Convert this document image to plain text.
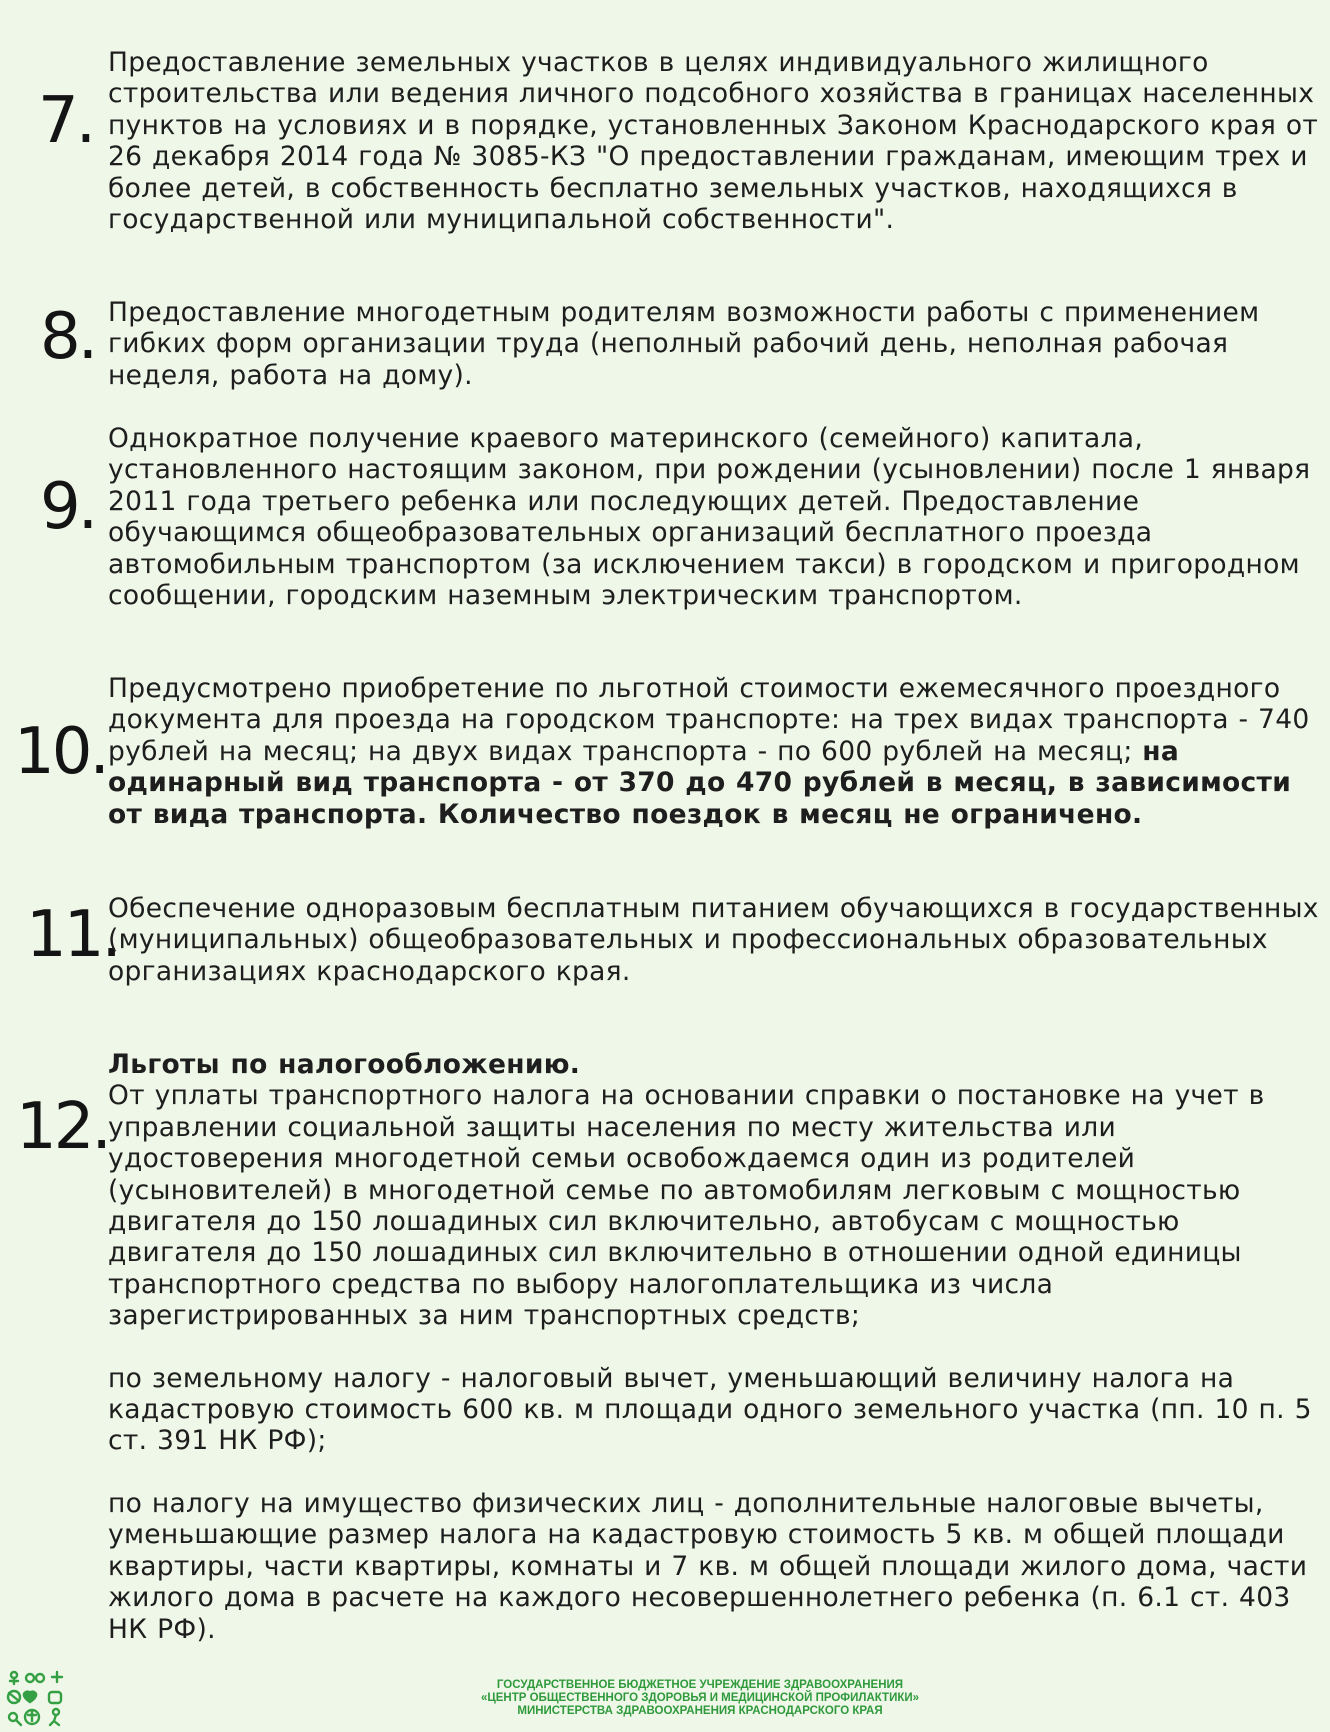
7.

Предоставление земельных участков в целях индивидуального жилищного строительства или ведения личного подсобного хозяйства в границах населенных пунктов на условиях и в порядке, установленных Законом Краснодарского края от 26 декабря 2014 года № 3085-КЗ "О предоставлении гражданам, имеющим трех и более детей, в собственность бесплатно земельных участков, находящихся в государственной или муниципальной собственности".

8. Предоставление многодетным родителям возможности работы с применением гибких форм организации труда (неполный рабочий день, неполная рабочая неделя, работа на дому).

9.

Однократное получение краевого материнского (семейного) капитала, установленного настоящим законом, при рождении (усыновлении) после 1 января 2011 года третьего ребенка или последующих детей. Предоставление обучающимся общеобразовательных организаций бесплатного проезда автомобильным транспортом (за исключением такси) в городском и пригородном сообщении, городским наземным электрическим транспортом.

10.

Предусмотрено приобретение по льготной стоимости ежемесячного проездного документа для проезда на городском транспорте: на трех видах транспорта - 740 рублей на месяц; на двух видах транспорта - по 600 рублей на месяц; на одинарный вид транспорта - от 370 до 470 рублей в месяц, в зависимости от вида транспорта. Количество поездок в месяц не ограничено.

11.

Обеспечение одноразовым бесплатным питанием обучающихся в государственных (муниципальных) общеобразовательных и профессиональных образовательных организациях краснодарского края.

12.

Льготы по налогообложению.

От уплаты транспортного налога на основании справки о постановке на учет в управлении социальной защиты населения по месту жительства или удостоверения многодетной семьи освобождаемся один из родителей (усыновителей) в многодетной семье по автомобилям легковым с мощностью двигателя до 150 лошадиных сил включительно, автобусам с мощностью двигателя до 150 лошадиных сил включительно в отношении одной единицы транспортного средства по выбору налогоплательщика из числа зарегистрированных за ним транспортных средств;

по земельному налогу - налоговый вычет, уменьшающий величину налога на кадастровую стоимость 600 кв. м площади одного земельного участка (пп. 10 п. 5 ст. 391 НК РФ);

по налогу на имущество физических лиц - дополнительные налоговые вычеты, уменьшающие размер налога на кадастровую стоимость 5 кв. м общей площади квартиры, части квартиры, комнаты и 7 кв. м общей площади жилого дома, части жилого дома в расчете на каждого несовершеннолетнего ребенка (п. 6.1 ст. 403 НК РФ).

ГОСУДАРСТВЕННОЕ БЮДЖЕТНОЕ УЧРЕЖДЕНИЕ ЗДРАВООХРАНЕНИЯ
«ЦЕНТР ОБЩЕСТВЕННОГО ЗДОРОВЬЯ И МЕДИЦИНСКОЙ ПРОФИЛАКТИКИ»
МИНИСТЕРСТВА ЗДРАВООХРАНЕНИЯ КРАСНОДАРСКОГО КРАЯ
